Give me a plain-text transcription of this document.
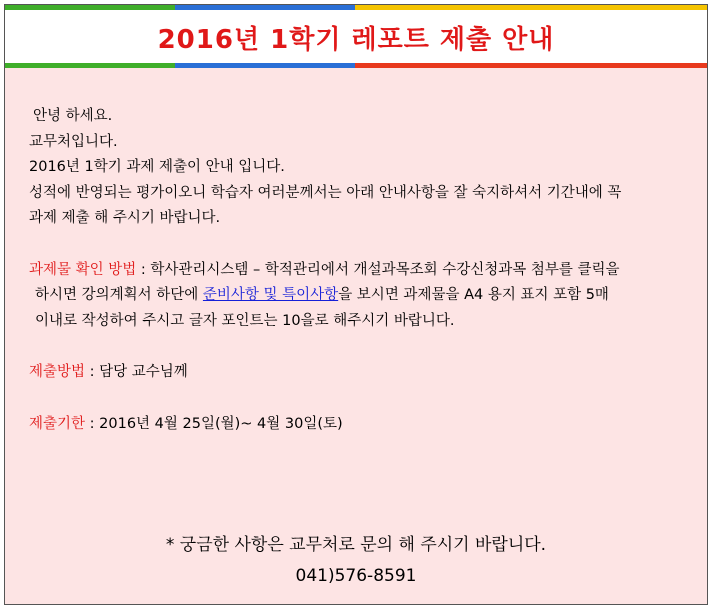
2016년 1학기 레포트 제출 안내

안녕 하세요.

교무처입니다.

2016년 1학기 과제 제출이 안내 입니다.

성적에 반영되는 평가이오니 학습자 여러분께서는 아래 안내사항을 잘 숙지하셔서 기간내에 꼭

과제 제출 해 주시기 바랍니다.

과제물 확인 방법 : 학사관리시스템 – 학적관리에서 개설과목조회 수강신청과목 첨부를 클릭을

하시면 강의계획서 하단에 준비사항 및 특이사항을 보시면 과제물을 A4 용지 표지 포함 5매

이내로 작성하여 주시고 글자 포인트는 10을로 해주시기 바랍니다.

제출방법 : 담당 교수님께

제출기한 : 2016년 4월 25일(월)~ 4월 30일(토)

* 궁금한 사항은 교무처로 문의 해 주시기 바랍니다.
041)576-8591
